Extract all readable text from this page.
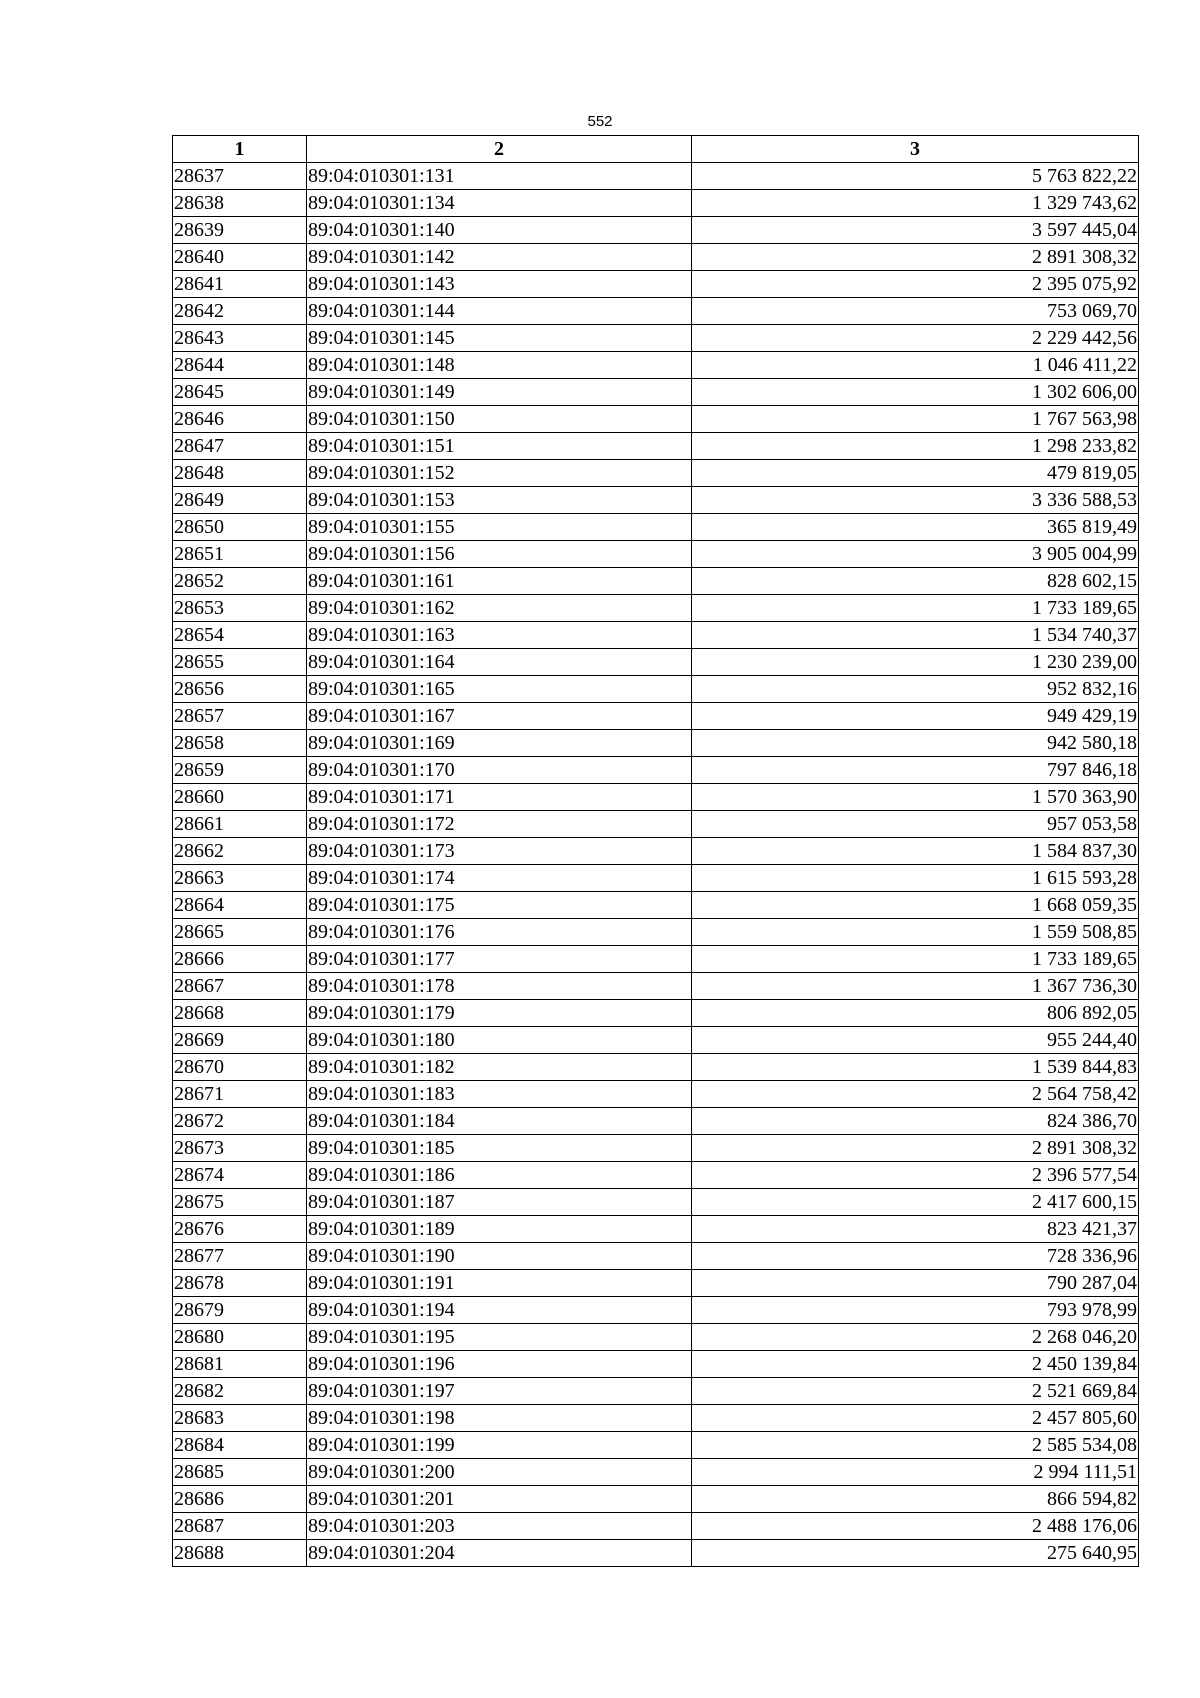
552
1	2	3
28637	89:04:010301:131	5 763 822,22
28638	89:04:010301:134	1 329 743,62
28639	89:04:010301:140	3 597 445,04
28640	89:04:010301:142	2 891 308,32
28641	89:04:010301:143	2 395 075,92
28642	89:04:010301:144	753 069,70
28643	89:04:010301:145	2 229 442,56
28644	89:04:010301:148	1 046 411,22
28645	89:04:010301:149	1 302 606,00
28646	89:04:010301:150	1 767 563,98
28647	89:04:010301:151	1 298 233,82
28648	89:04:010301:152	479 819,05
28649	89:04:010301:153	3 336 588,53
28650	89:04:010301:155	365 819,49
28651	89:04:010301:156	3 905 004,99
28652	89:04:010301:161	828 602,15
28653	89:04:010301:162	1 733 189,65
28654	89:04:010301:163	1 534 740,37
28655	89:04:010301:164	1 230 239,00
28656	89:04:010301:165	952 832,16
28657	89:04:010301:167	949 429,19
28658	89:04:010301:169	942 580,18
28659	89:04:010301:170	797 846,18
28660	89:04:010301:171	1 570 363,90
28661	89:04:010301:172	957 053,58
28662	89:04:010301:173	1 584 837,30
28663	89:04:010301:174	1 615 593,28
28664	89:04:010301:175	1 668 059,35
28665	89:04:010301:176	1 559 508,85
28666	89:04:010301:177	1 733 189,65
28667	89:04:010301:178	1 367 736,30
28668	89:04:010301:179	806 892,05
28669	89:04:010301:180	955 244,40
28670	89:04:010301:182	1 539 844,83
28671	89:04:010301:183	2 564 758,42
28672	89:04:010301:184	824 386,70
28673	89:04:010301:185	2 891 308,32
28674	89:04:010301:186	2 396 577,54
28675	89:04:010301:187	2 417 600,15
28676	89:04:010301:189	823 421,37
28677	89:04:010301:190	728 336,96
28678	89:04:010301:191	790 287,04
28679	89:04:010301:194	793 978,99
28680	89:04:010301:195	2 268 046,20
28681	89:04:010301:196	2 450 139,84
28682	89:04:010301:197	2 521 669,84
28683	89:04:010301:198	2 457 805,60
28684	89:04:010301:199	2 585 534,08
28685	89:04:010301:200	2 994 111,51
28686	89:04:010301:201	866 594,82
28687	89:04:010301:203	2 488 176,06
28688	89:04:010301:204	275 640,95
